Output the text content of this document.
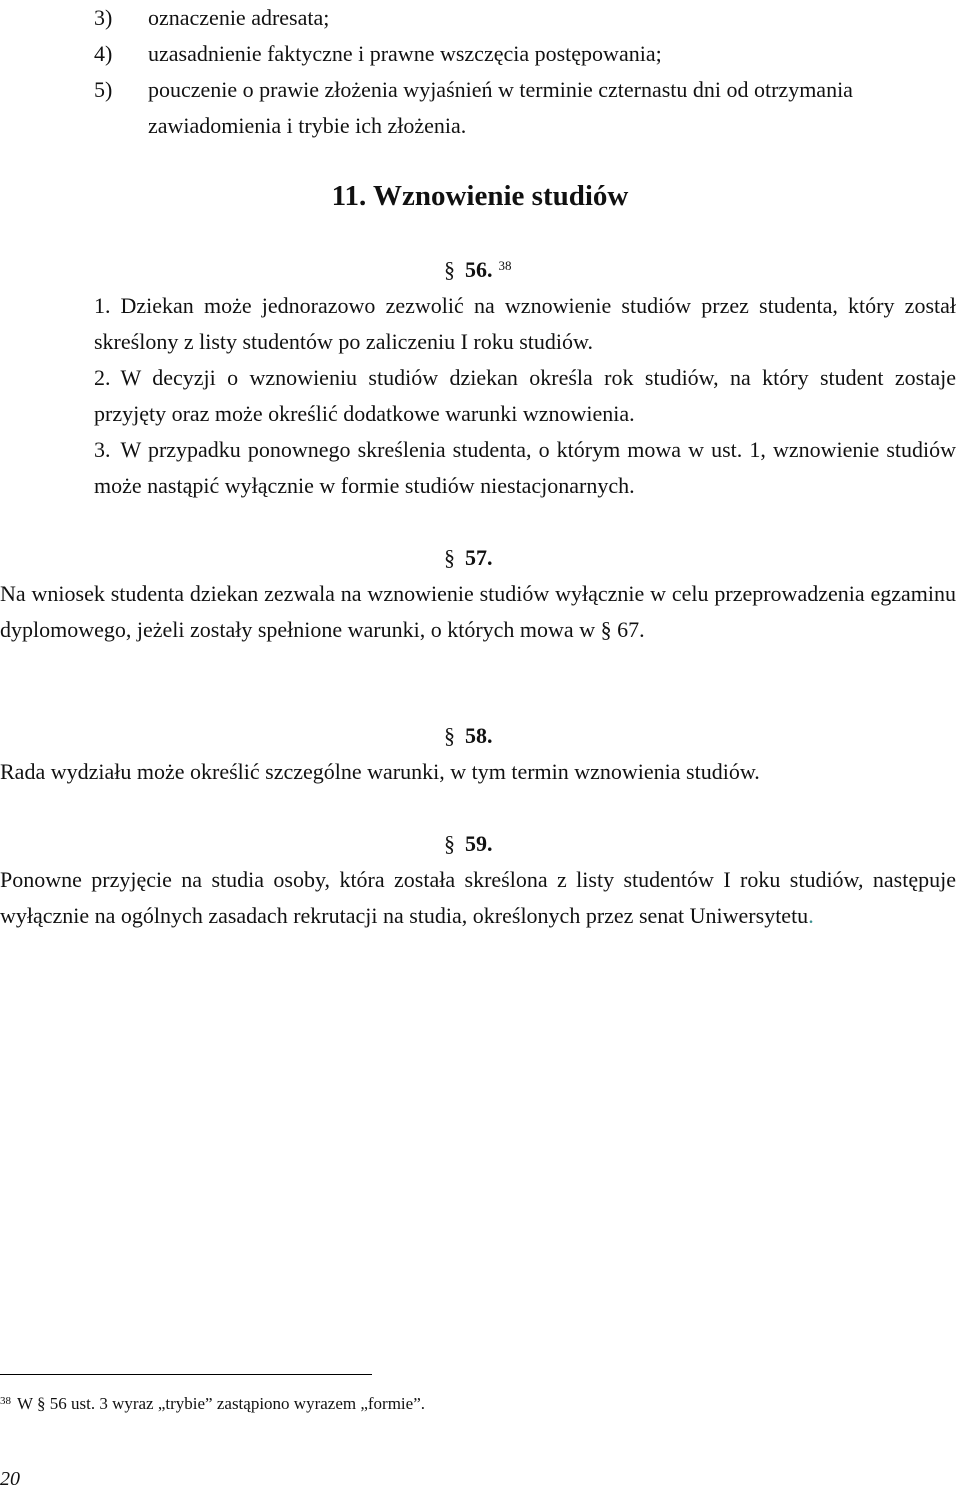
3)	oznaczenie adresata;
4)	uzasadnienie faktyczne i prawne wszczęcia postępowania;
5)	pouczenie o prawie złożenia wyjaśnień w terminie czternastu dni od otrzymania
zawiadomienia i trybie ich złożenia.
11. Wznowienie studiów
§ 56. $^{38}$
1. Dziekan może jednorazowo zezwolić na wznowienie studiów przez studenta, który został skreślony z listy studentów po zaliczeniu I roku studiów.
2. W decyzji o wznowieniu studiów dziekan określa rok studiów, na który student zostaje przyjęty oraz może określić dodatkowe warunki wznowienia.
3. W przypadku ponownego skreślenia studenta, o którym mowa w ust. 1, wznowienie studiów może nastąpić wyłącznie w formie studiów niestacjonarnych.
§ 57.
Na wniosek studenta dziekan zezwala na wznowienie studiów wyłącznie w celu przeprowadzenia egzaminu dyplomowego, jeżeli zostały spełnione warunki, o których mowa w § 67.
§ 58.
Rada wydziału może określić szczególne warunki, w tym termin wznowienia studiów.
§ 59.
Ponowne przyjęcie na studia osoby, która została skreślona z listy studentów I roku studiów, następuje wyłącznie na ogólnych zasadach rekrutacji na studia, określonych przez senat Uniwersytetu.
$^{38}$ W § 56 ust. 3 wyraz „trybie” zastąpiono wyrazem „formie”.
20
